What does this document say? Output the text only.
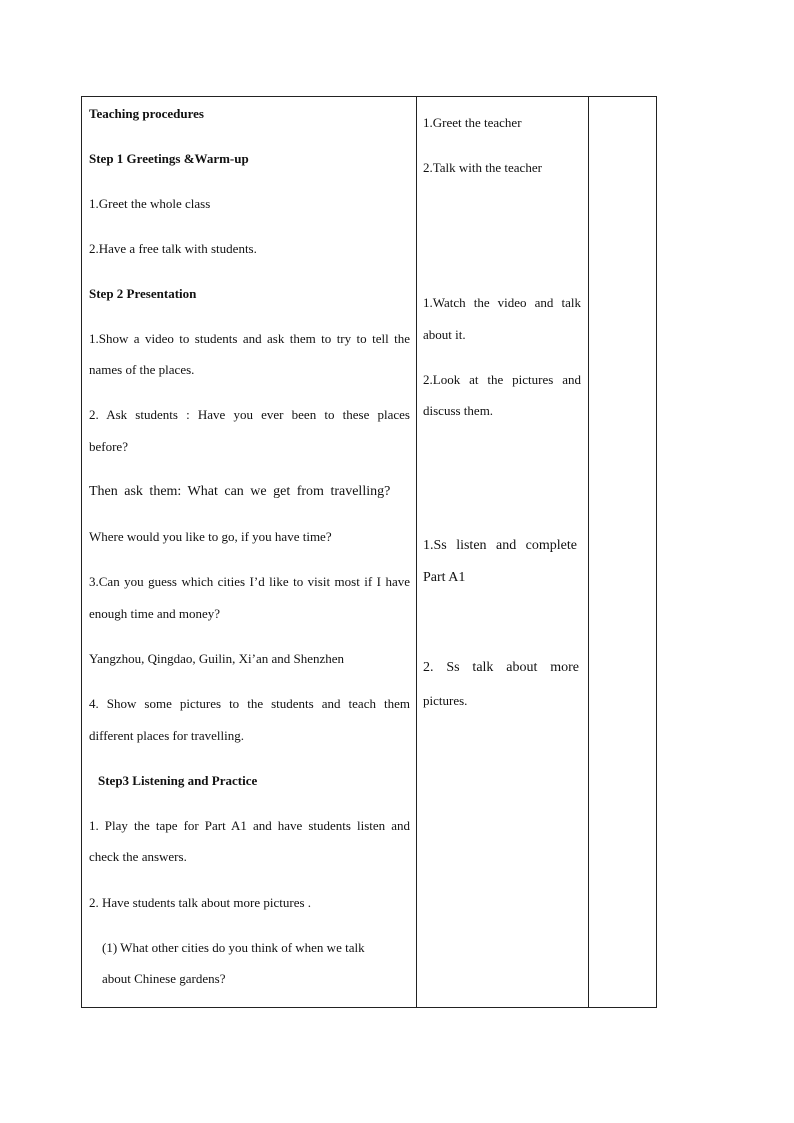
Teaching procedures
Step 1 Greetings &Warm-up
1.Greet the whole class
2.Have a free talk with students.
Step 2 Presentation
1.Show a video to students and ask them to try to tell the
names of the places.
2. Ask students : Have you ever been to these places
before?
Then ask them: What can we get from travelling?
Where would you like to go, if you have time?
3.Can you guess which cities I’d like to visit most if I have
enough time and money?
Yangzhou, Qingdao, Guilin, Xi’an and Shenzhen
4. Show some pictures to the students and teach them
different places for travelling.
Step3 Listening and Practice
1. Play the tape for Part A1 and have students listen and
check the answers.
2. Have students talk about more pictures .
(1) What other cities do you think of when we talk
about Chinese gardens?
1.Greet the teacher
2.Talk with the teacher
1.Watch the video and talk
about it.
2.Look at the pictures and
discuss them.
1.Ss listen and complete
Part A1
2. Ss talk about more
pictures.
